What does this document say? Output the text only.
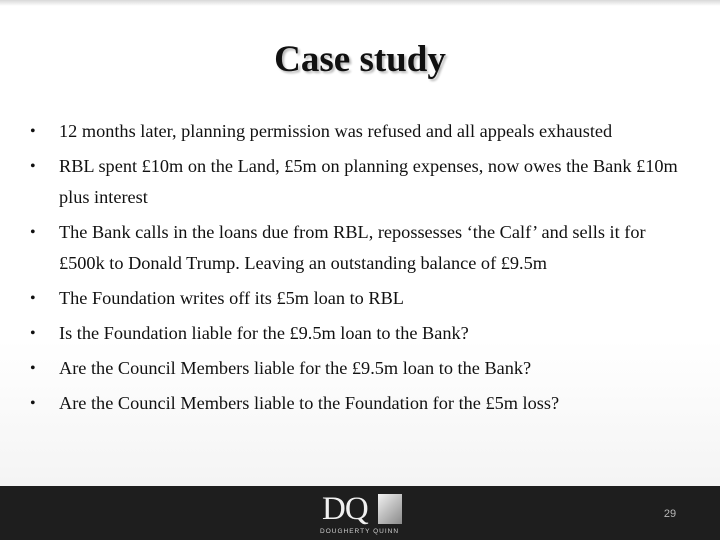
Case study
• 12 months later, planning permission was refused and all appeals exhausted
• RBL spent £10m on the Land, £5m on planning expenses, now owes the Bank £10m plus interest
• The Bank calls in the loans due from RBL, repossesses ‘the Calf’ and sells it for £500k to Donald Trump. Leaving an outstanding balance of £9.5m
• The Foundation writes off its £5m loan to RBL
• Is the Foundation liable for the £9.5m loan to the Bank?
• Are the Council Members liable for the £9.5m loan to the Bank?
• Are the Council Members liable to the Foundation for the £5m loss?
DQ
DOUGHERTY QUINN
29
